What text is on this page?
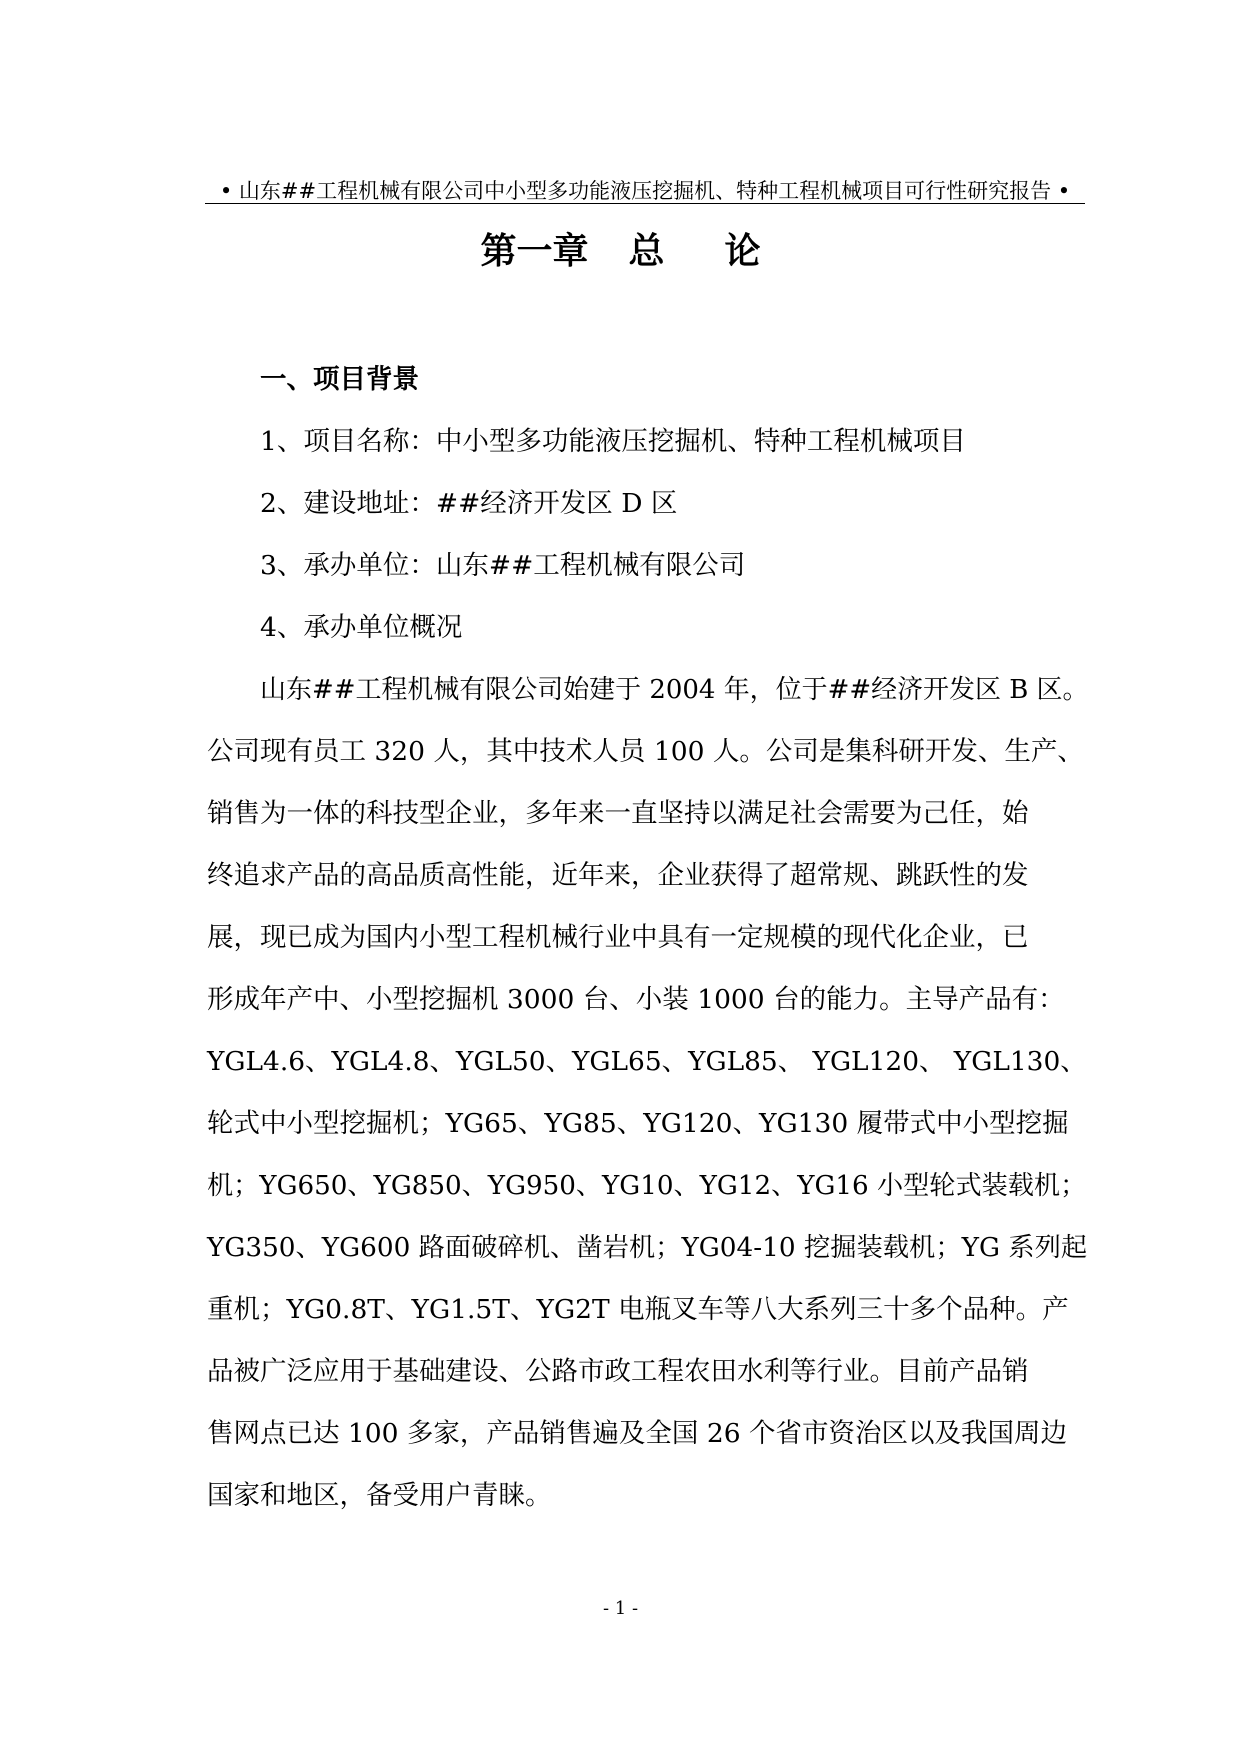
• 山东##工程机械有限公司中小型多功能液压挖掘机、特种工程机械项目可行性研究报告 •
第一章 总 论
一、项目背景
1、项目名称：中小型多功能液压挖掘机、特种工程机械项目
2、建设地址：##经济开发区 D 区
3、承办单位：山东##工程机械有限公司
4、承办单位概况
山东##工程机械有限公司始建于 2004 年，位于##经济开发区 B 区。
公司现有员工 320 人，其中技术人员 100 人。公司是集科研开发、生产、
销售为一体的科技型企业，多年来一直坚持以满足社会需要为己任，始
终追求产品的高品质高性能，近年来，企业获得了超常规、跳跃性的发
展，现已成为国内小型工程机械行业中具有一定规模的现代化企业，已
形成年产中、小型挖掘机 3000 台、小装 1000 台的能力。主导产品有：
YGL4.6、YGL4.8、YGL50、YGL65、YGL85、 YGL120、 YGL130、
轮式中小型挖掘机；YG65、YG85、YG120、YG130 履带式中小型挖掘
机；YG650、YG850、YG950、YG10、YG12、YG16 小型轮式装载机；
YG350、YG600 路面破碎机、凿岩机；YG04-10 挖掘装载机；YG 系列起
重机；YG0.8T、YG1.5T、YG2T 电瓶叉车等八大系列三十多个品种。产
品被广泛应用于基础建设、公路市政工程农田水利等行业。目前产品销
售网点已达 100 多家，产品销售遍及全国 26 个省市资治区以及我国周边
国家和地区，备受用户青睐。
- 1 -
